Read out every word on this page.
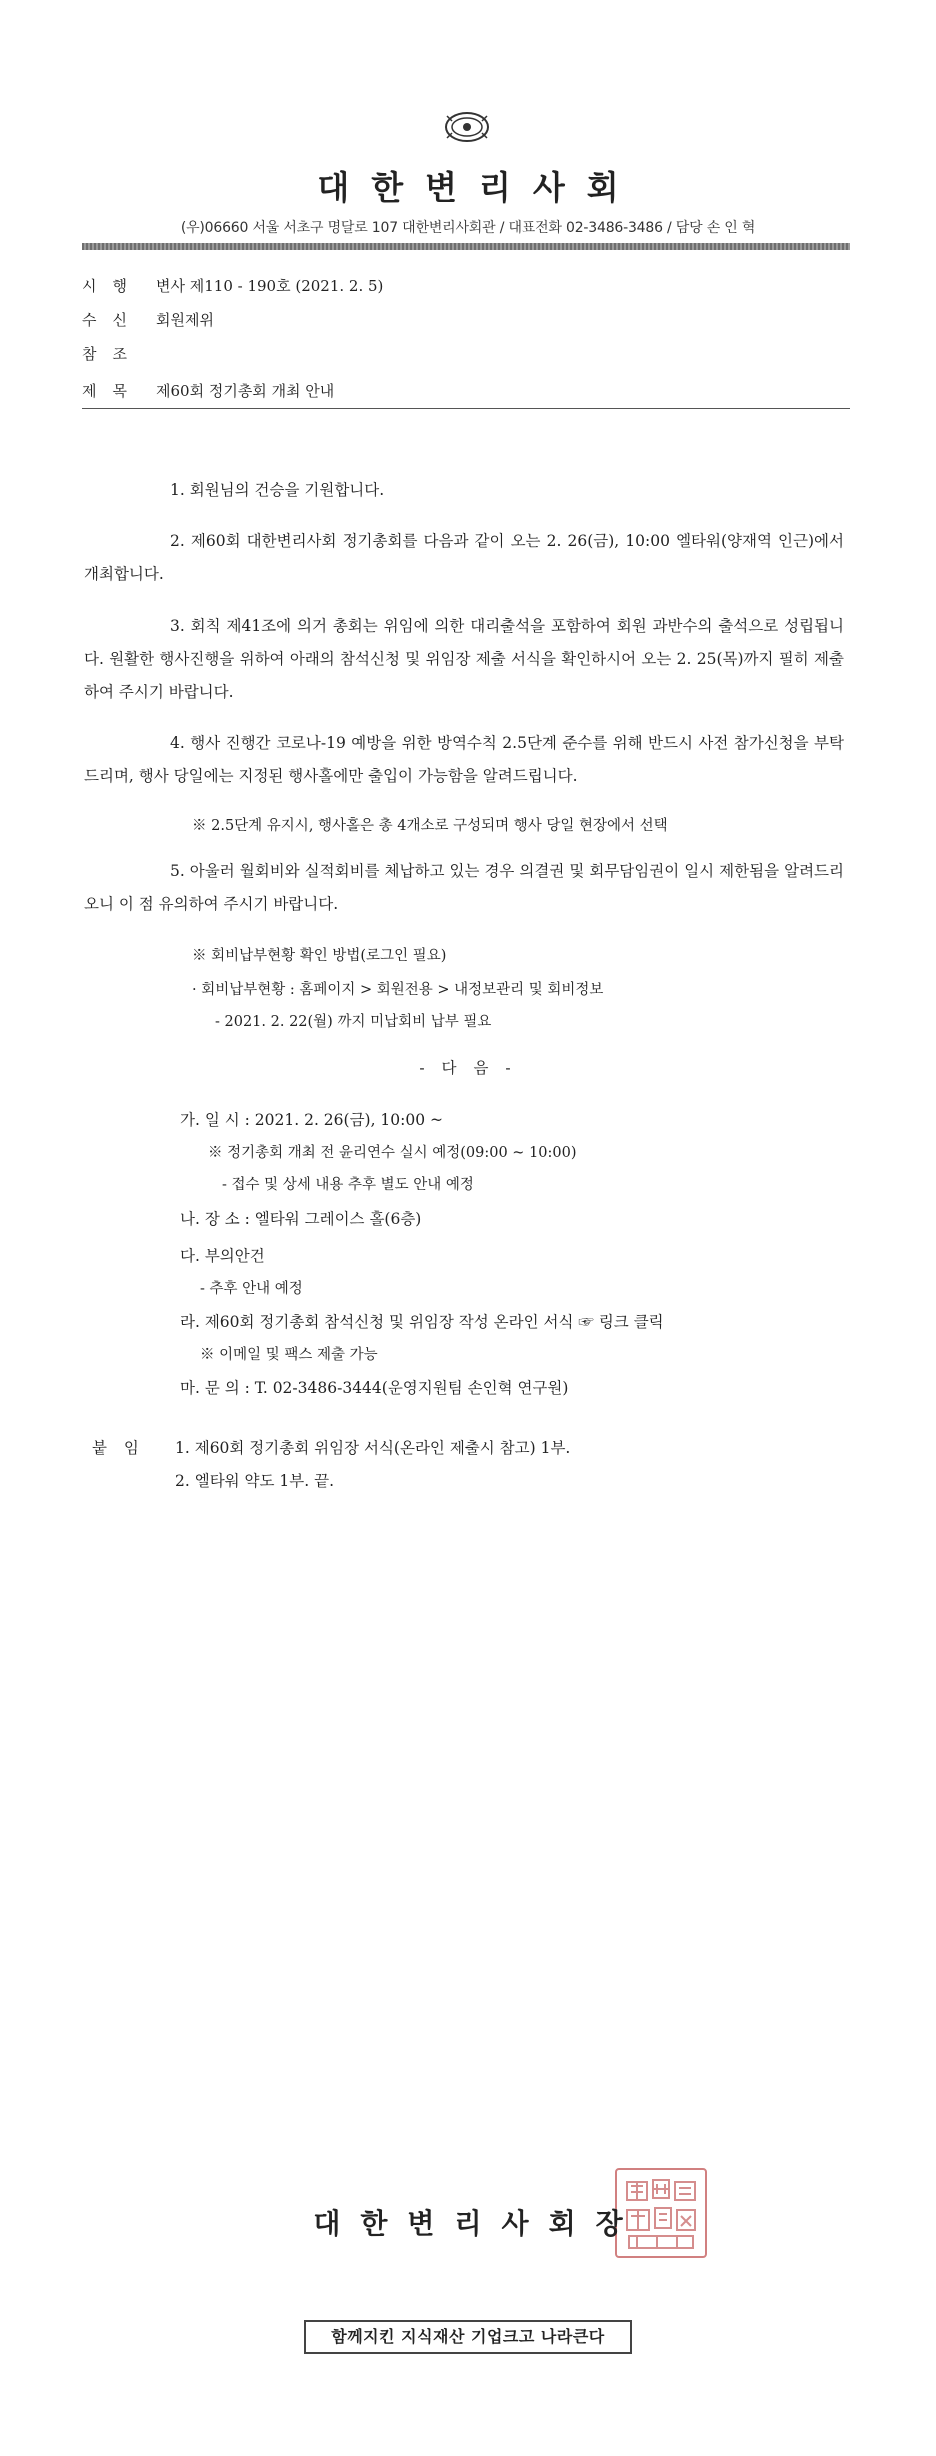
대한변리사회
(우)06660 서울 서초구 명달로 107 대한변리사회관 / 대표전화 02-3486-3486 / 담당 손 인 혁
시행 변사 제110 - 190호 (2021. 2. 5)
수신 회원제위
참조
제목 제60회 정기총회 개최 안내
1. 회원님의 건승을 기원합니다.
2. 제60회 대한변리사회 정기총회를 다음과 같이 오는 2. 26(금), 10:00 엘타워(양재역 인근)에서 개최합니다.
3. 회칙 제41조에 의거 총회는 위임에 의한 대리출석을 포함하여 회원 과반수의 출석으로 성립됩니다. 원활한 행사진행을 위하여 아래의 참석신청 및 위임장 제출 서식을 확인하시어 오는 2. 25(목)까지 필히 제출하여 주시기 바랍니다.
4. 행사 진행간 코로나-19 예방을 위한 방역수칙 2.5단계 준수를 위해 반드시 사전 참가신청을 부탁드리며, 행사 당일에는 지정된 행사홀에만 출입이 가능함을 알려드립니다.
※ 2.5단계 유지시, 행사홀은 총 4개소로 구성되며 행사 당일 현장에서 선택
5. 아울러 월회비와 실적회비를 체납하고 있는 경우 의결권 및 회무담임권이 일시 제한됨을 알려드리오니 이 점 유의하여 주시기 바랍니다.
※ 회비납부현황 확인 방법(로그인 필요)
· 회비납부현황 : 홈페이지 > 회원전용 > 내정보관리 및 회비정보
- 2021. 2. 22(월) 까지 미납회비 납부 필요
- 다 음 -
가. 일 시 : 2021. 2. 26(금), 10:00 ~
※ 정기총회 개최 전 윤리연수 실시 예정(09:00 ~ 10:00)
- 접수 및 상세 내용 추후 별도 안내 예정
나. 장 소 : 엘타워 그레이스 홀(6층)
다. 부의안건
- 추후 안내 예정
라. 제60회 정기총회 참석신청 및 위임장 작성 온라인 서식 ☞ 링크 클릭
※ 이메일 및 팩스 제출 가능
마. 문 의 : T. 02-3486-3444(운영지원팀 손인혁 연구원)
붙 임 1. 제60회 정기총회 위임장 서식(온라인 제출시 참고) 1부.
2. 엘타워 약도 1부. 끝.
대한변리사회장
함께지킨 지식재산 기업크고 나라큰다
